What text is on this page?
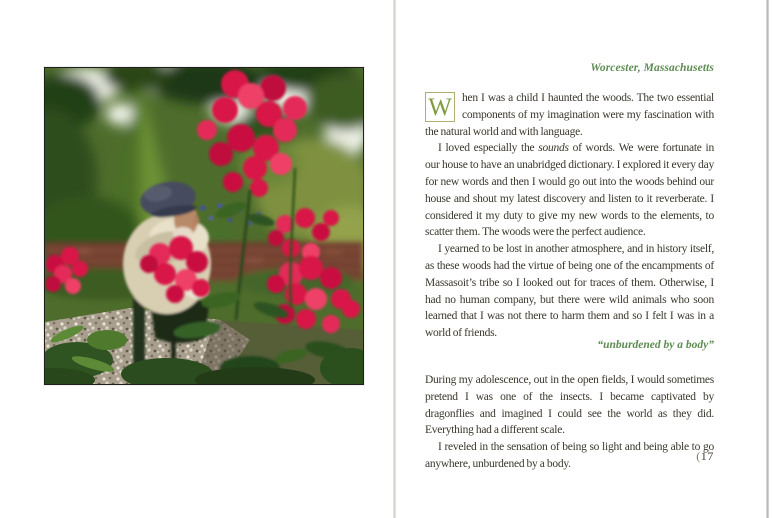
Worcester, Massachusetts

W hen I was a child I haunted the woods. The two essential components of my imagination were my fascination with the natural world and with language.

I loved especially the sounds of words. We were fortunate in our house to have an unabridged dictionary. I explored it every day for new words and then I would go out into the woods behind our house and shout my latest discovery and listen to it reverberate. I considered it my duty to give my new words to the elements, to scatter them. The woods were the perfect audience.

I yearned to be lost in another atmosphere, and in history itself, as these woods had the virtue of being one of the encampments of Massasoit’s tribe so I looked out for traces of them. Otherwise, I had no human company, but there were wild animals who soon learned that I was not there to harm them and so I felt I was in a world of friends.

“unburdened by a body”

During my adolescence, out in the open fields, I would sometimes pretend I was one of the insects. I became captivated by dragonflies and imagined I could see the world as they did. Everything had a different scale.

I reveled in the sensation of being so light and being able to go anywhere, unburdened by a body.

(17
